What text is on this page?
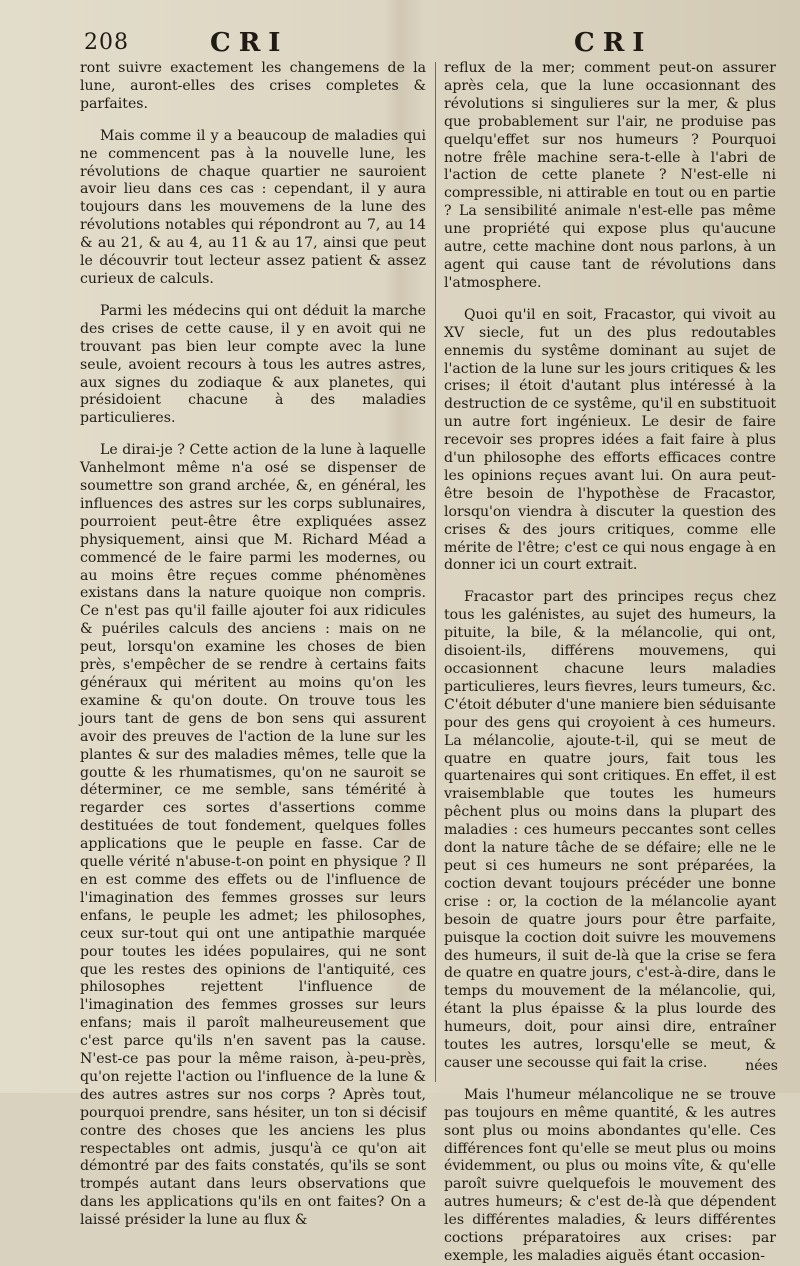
208	CRI	CRI

ront suivre exactement les changemens de la lune, auront-elles des crises completes & parfaites.

Mais comme il y a beaucoup de maladies qui ne commencent pas à la nouvelle lune, les révolutions de chaque quartier ne sauroient avoir lieu dans ces cas : cependant, il y aura toujours dans les mouvemens de la lune des révolutions notables qui répondront au 7, au 14 & au 21, & au 4, au 11 & au 17, ainsi que peut le découvrir tout lecteur assez patient & assez curieux de calculs.

Parmi les médecins qui ont déduit la marche des crises de cette cause, il y en avoit qui ne trouvant pas bien leur compte avec la lune seule, avoient recours à tous les autres astres, aux signes du zodiaque & aux planetes, qui présidoient chacune à des maladies particulieres.

Le dirai-je ? Cette action de la lune à laquelle Vanhelmont même n'a osé se dispenser de soumettre son grand archée, &, en général, les influences des astres sur les corps sublunaires, pourroient peut-être être expliquées assez physiquement, ainsi que M. Richard Méad a commencé de le faire parmi les modernes, ou au moins être reçues comme phénomènes existans dans la nature quoique non compris. Ce n'est pas qu'il faille ajouter foi aux ridicules & puériles calculs des anciens : mais on ne peut, lorsqu'on examine les choses de bien près, s'empêcher de se rendre à certains faits généraux qui méritent au moins qu'on les examine & qu'on doute. On trouve tous les jours tant de gens de bon sens qui assurent avoir des preuves de l'action de la lune sur les plantes & sur des maladies mêmes, telle que la goutte & les rhumatismes, qu'on ne sauroit se déterminer, ce me semble, sans témérité à regarder ces sortes d'assertions comme destituées de tout fondement, quelques folles applications que le peuple en fasse. Car de quelle vérité n'abuse-t-on point en physique ? Il en est comme des effets ou de l'influence de l'imagination des femmes grosses sur leurs enfans, le peuple les admet; les philosophes, ceux sur-tout qui ont une antipathie marquée pour toutes les idées populaires, qui ne sont que les restes des opinions de l'antiquité, ces philosophes rejettent l'influence de l'imagination des femmes grosses sur leurs enfans; mais il paroît malheureusement que c'est parce qu'ils n'en savent pas la cause. N'est-ce pas pour la même raison, à-peu-près, qu'on rejette l'action ou l'influence de la lune & des autres astres sur nos corps ? Après tout, pourquoi prendre, sans hésiter, un ton si décisif contre des choses que les anciens les plus respectables ont admis, jusqu'à ce qu'on ait démontré par des faits constatés, qu'ils se sont trompés autant dans leurs observations que dans les applications qu'ils en ont faites? On a laissé présider la lune au flux &

reflux de la mer; comment peut-on assurer après cela, que la lune occasionnant des révolutions si singulieres sur la mer, & plus que probablement sur l'air, ne produise pas quelqu'effet sur nos humeurs ? Pourquoi notre frêle machine sera-t-elle à l'abri de l'action de cette planete ? N'est-elle ni compressible, ni attirable en tout ou en partie ? La sensibilité animale n'est-elle pas même une propriété qui expose plus qu'aucune autre, cette machine dont nous parlons, à un agent qui cause tant de révolutions dans l'atmosphere.

Quoi qu'il en soit, Fracastor, qui vivoit au XV siecle, fut un des plus redoutables ennemis du systême dominant au sujet de l'action de la lune sur les jours critiques & les crises; il étoit d'autant plus intéressé à la destruction de ce systême, qu'il en substituoit un autre fort ingénieux. Le desir de faire recevoir ses propres idées a fait faire à plus d'un philosophe des efforts efficaces contre les opinions reçues avant lui. On aura peut-être besoin de l'hypothèse de Fracastor, lorsqu'on viendra à discuter la question des crises & des jours critiques, comme elle mérite de l'être; c'est ce qui nous engage à en donner ici un court extrait.

Fracastor part des principes reçus chez tous les galénistes, au sujet des humeurs, la pituite, la bile, & la mélancolie, qui ont, disoient-ils, différens mouvemens, qui occasionnent chacune leurs maladies particulieres, leurs fievres, leurs tumeurs, &c. C'étoit débuter d'une maniere bien séduisante pour des gens qui croyoient à ces humeurs. La mélancolie, ajoute-t-il, qui se meut de quatre en quatre jours, fait tous les quartenaires qui sont critiques. En effet, il est vraisemblable que toutes les humeurs pêchent plus ou moins dans la plupart des maladies : ces humeurs peccantes sont celles dont la nature tâche de se défaire; elle ne le peut si ces humeurs ne sont préparées, la coction devant toujours précéder une bonne crise : or, la coction de la mélancolie ayant besoin de quatre jours pour être parfaite, puisque la coction doit suivre les mouvemens des humeurs, il suit de-là que la crise se fera de quatre en quatre jours, c'est-à-dire, dans le temps du mouvement de la mélancolie, qui, étant la plus épaisse & la plus lourde des humeurs, doit, pour ainsi dire, entraîner toutes les autres, lorsqu'elle se meut, & causer une secousse qui fait la crise.

Mais l'humeur mélancolique ne se trouve pas toujours en même quantité, & les autres sont plus ou moins abondantes qu'elle. Ces différences font qu'elle se meut plus ou moins évidemment, ou plus ou moins vîte, & qu'elle paroît suivre quelquefois le mouvement des autres humeurs; & c'est de-là que dépendent les différentes maladies, & leurs différentes coctions préparatoires aux crises: par exemple, les maladies aiguës étant occasion-

nées
